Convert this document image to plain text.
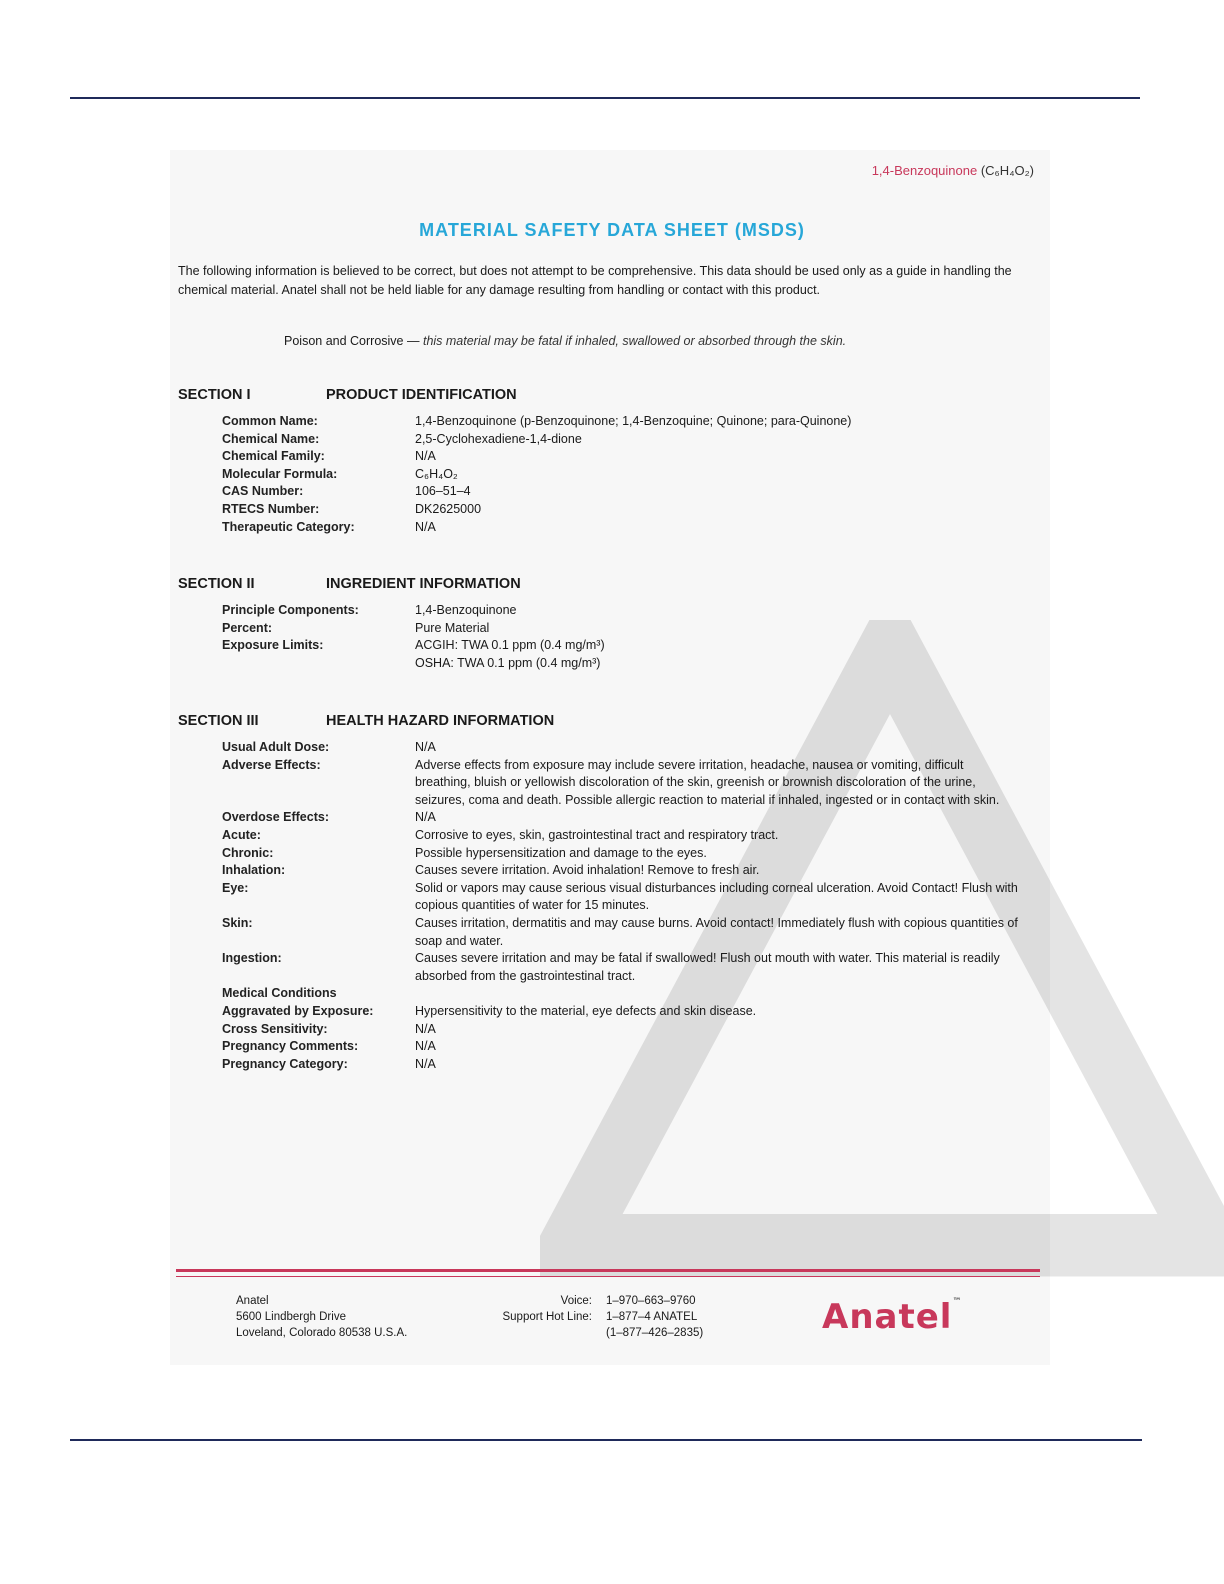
1,4-Benzoquinone (C₆H₄O₂)
MATERIAL SAFETY DATA SHEET (MSDS)
The following information is believed to be correct, but does not attempt to be comprehensive. This data should be used only as a guide in handling the chemical material. Anatel shall not be held liable for any damage resulting from handling or contact with this product.
Poison and Corrosive — this material may be fatal if inhaled, swallowed or absorbed through the skin.
SECTION I	PRODUCT IDENTIFICATION
Common Name:	1,4-Benzoquinone (p-Benzoquinone; 1,4-Benzoquine; Quinone; para-Quinone)
Chemical Name:	2,5-Cyclohexadiene-1,4-dione
Chemical Family:	N/A
Molecular Formula:	C₆H₄O₂
CAS Number:	106–51–4
RTECS Number:	DK2625000
Therapeutic Category:	N/A
SECTION II	INGREDIENT INFORMATION
Principle Components:	1,4-Benzoquinone
Percent:	Pure Material
Exposure Limits:	ACGIH: TWA 0.1 ppm (0.4 mg/m³)
OSHA: TWA 0.1 ppm (0.4 mg/m³)
SECTION III	HEALTH HAZARD INFORMATION
Usual Adult Dose:	N/A
Adverse Effects:	Adverse effects from exposure may include severe irritation, headache, nausea or vomiting, difficult breathing, bluish or yellowish discoloration of the skin, greenish or brownish discoloration of the urine, seizures, coma and death. Possible allergic reaction to material if inhaled, ingested or in contact with skin.
Overdose Effects:	N/A
Acute:	Corrosive to eyes, skin, gastrointestinal tract and respiratory tract.
Chronic:	Possible hypersensitization and damage to the eyes.
Inhalation:	Causes severe irritation. Avoid inhalation! Remove to fresh air.
Eye:	Solid or vapors may cause serious visual disturbances including corneal ulceration. Avoid Contact! Flush with copious quantities of water for 15 minutes.
Skin:	Causes irritation, dermatitis and may cause burns. Avoid contact! Immediately flush with copious quantities of soap and water.
Ingestion:	Causes severe irritation and may be fatal if swallowed! Flush out mouth with water. This material is readily absorbed from the gastrointestinal tract.
Medical Conditions
Aggravated by Exposure:	Hypersensitivity to the material, eye defects and skin disease.
Cross Sensitivity:	N/A
Pregnancy Comments:	N/A
Pregnancy Category:	N/A
Anatel
5600 Lindbergh Drive
Loveland, Colorado 80538 U.S.A.
Voice:	1–970–663–9760
Support Hot Line:	1–877–4 ANATEL
(1–877–426–2835)	Anatel™
